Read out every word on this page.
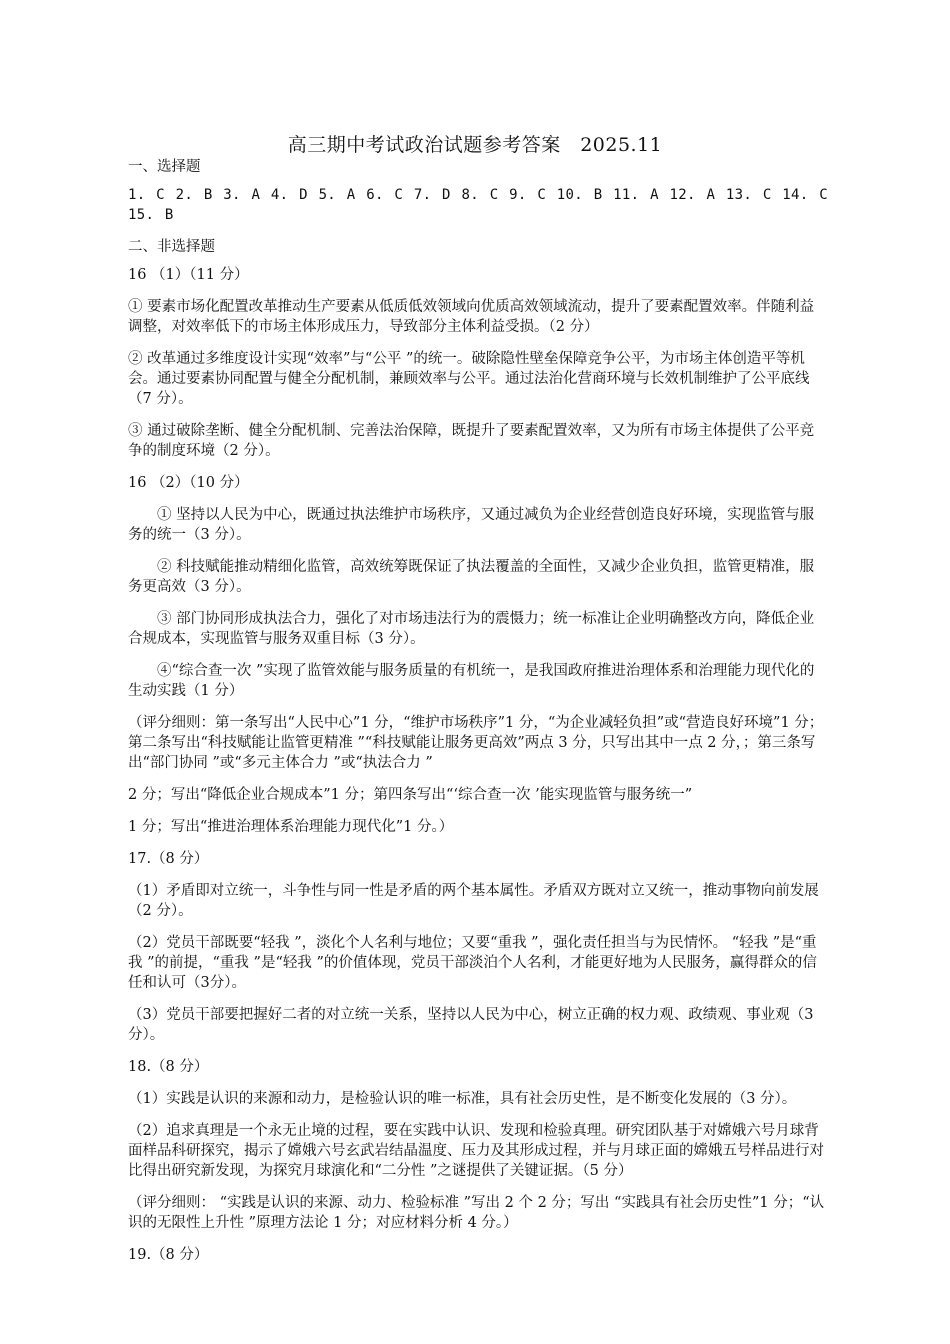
高三期中考试政治试题参考答案　2025.11

一、选择题

1. C 2. B 3. A 4. D 5. A 6. C 7. D 8. C 9. C 10. B 11. A 12. A 13. C 14. C 15. B

二、非选择题

16 （1）（11 分）

① 要素市场化配置改革推动生产要素从低质低效领域向优质高效领域流动，提升了要素配置效率。伴随利益调整，对效率低下的市场主体形成压力，导致部分主体利益受损。（2 分）

② 改革通过多维度设计实现“效率”与“公平 ”的统一。破除隐性壁垒保障竞争公平，为市场主体创造平等机会。通过要素协同配置与健全分配机制，兼顾效率与公平。通过法治化营商环境与长效机制维护了公平底线（7 分）。

③ 通过破除垄断、健全分配机制、完善法治保障，既提升了要素配置效率，又为所有市场主体提供了公平竞争的制度环境（2 分）。

16 （2）（10 分）

① 坚持以人民为中心，既通过执法维护市场秩序，又通过减负为企业经营创造良好环境，实现监管与服务的统一（3 分）。

② 科技赋能推动精细化监管，高效统筹既保证了执法覆盖的全面性，又减少企业负担，监管更精准，服务更高效（3 分）。

③ 部门协同形成执法合力，强化了对市场违法行为的震慑力；统一标准让企业明确整改方向，降低企业合规成本，实现监管与服务双重目标（3 分）。

④“综合查一次 ”实现了监管效能与服务质量的有机统一，是我国政府推进治理体系和治理能力现代化的生动实践（1 分）

（评分细则：第一条写出“人民中心”1 分，“维护市场秩序”1 分，“为企业减轻负担”或“营造良好环境”1 分；第二条写出“科技赋能让监管更精准 ”“科技赋能让服务更高效”两点 3 分，只写出其中一点 2 分，；第三条写出“部门协同 ”或“多元主体合力 ”或“执法合力 ”

2 分；写出“降低企业合规成本”1 分；第四条写出“‘综合查一次 ’能实现监管与服务统一”

1 分；写出“推进治理体系治理能力现代化”1 分。）

17.（8 分）

（1）矛盾即对立统一，斗争性与同一性是矛盾的两个基本属性。矛盾双方既对立又统一，推动事物向前发展（2 分）。

（2）党员干部既要“轻我 ”，淡化个人名利与地位；又要“重我 ”，强化责任担当与为民情怀。 “轻我 ”是“重我 ”的前提，“重我 ”是“轻我 ”的价值体现，党员干部淡泊个人名利，才能更好地为人民服务，赢得群众的信任和认可（3分）。

（3）党员干部要把握好二者的对立统一关系，坚持以人民为中心，树立正确的权力观、政绩观、事业观（3 分）。

18.（8 分）

（1）实践是认识的来源和动力，是检验认识的唯一标准，具有社会历史性，是不断变化发展的（3 分）。

（2）追求真理是一个永无止境的过程，要在实践中认识、发现和检验真理。研究团队基于对嫦娥六号月球背面样品科研探究，揭示了嫦娥六号玄武岩结晶温度、压力及其形成过程，并与月球正面的嫦娥五号样品进行对比得出研究新发现，为探究月球演化和“二分性 ”之谜提供了关键证据。（5 分）

（评分细则： “实践是认识的来源、动力、检验标准 ”写出 2 个 2 分；写出 “实践具有社会历史性”1 分；“认识的无限性上升性 ”原理方法论 1 分；对应材料分析 4 分。）

19.（8 分）
